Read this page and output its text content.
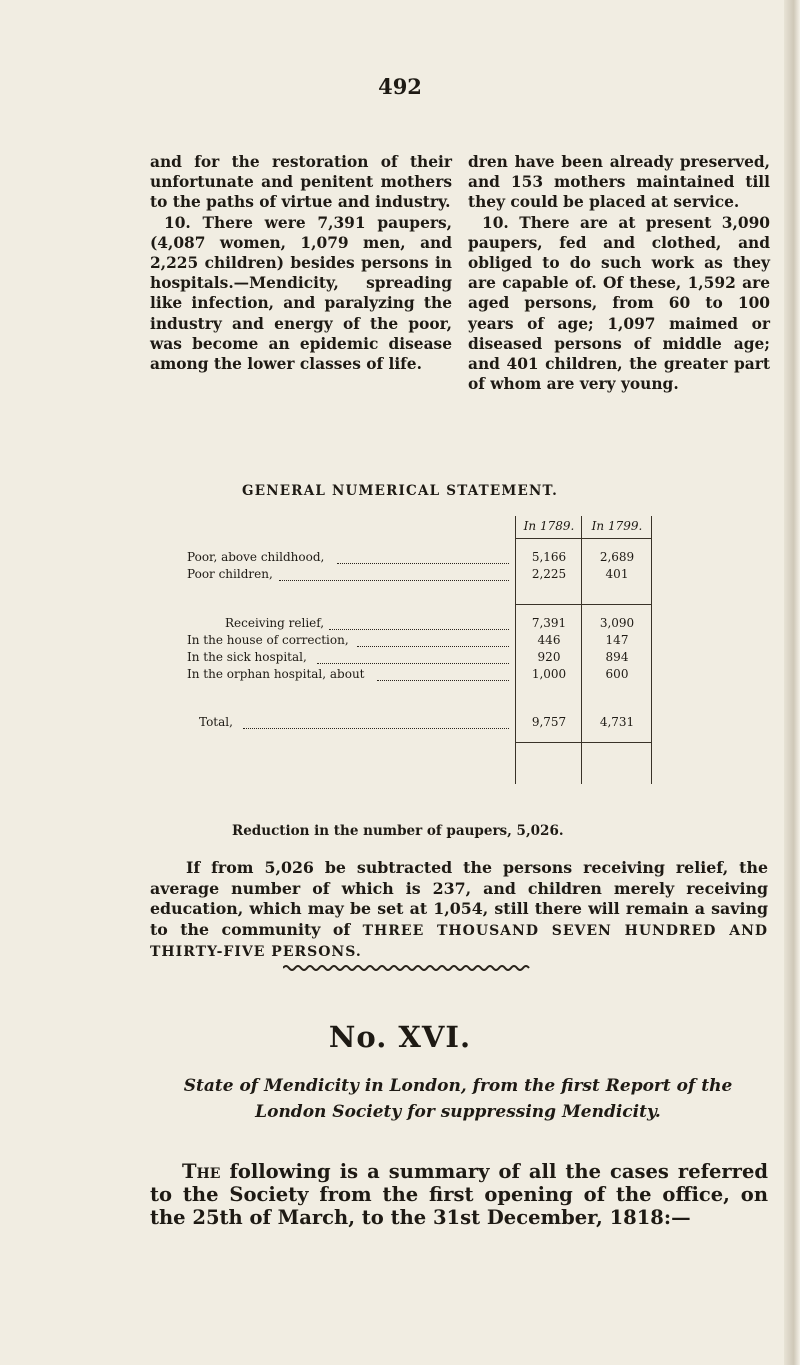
492

and for the restoration of their unfortunate and penitent mothers to the paths of virtue and industry.

10. There were 7,391 paupers, (4,087 women, 1,079 men, and 2,225 children) besides persons in hospitals.—Mendicity, spreading like infection, and paralyzing the industry and energy of the poor, was become an epidemic disease among the lower classes of life.

dren have been already preserved, and 153 mothers maintained till they could be placed at service.

10. There are at present 3,090 paupers, fed and clothed, and obliged to do such work as they are capable of. Of these, 1,592 are aged persons, from 60 to 100 years of age; 1,097 maimed or diseased persons of middle age; and 401 children, the greater part of whom are very young.

GENERAL NUMERICAL STATEMENT.
In 1789.	In 1799.
Poor, above childhood,	5,166	2,689
Poor children,	2,225	401
Receiving relief,	7,391	3,090
In the house of correction,	446	147
In the sick hospital,	920	894
In the orphan hospital, about	1,000	600
Total,	9,757	4,731
Reduction in the number of paupers, 5,026.
If from 5,026 be subtracted the persons receiving relief, the average number of which is 237, and children merely receiving education, which may be set at 1,054, still there will remain a saving to the community of THREE THOUSAND SEVEN HUNDRED AND THIRTY-FIVE PERSONS.
No. XVI.
State of Mendicity in London, from the first Report of the London Society for suppressing Mendicity.
The following is a summary of all the cases referred to the Society from the first opening of the office, on the 25th of March, to the 31st December, 1818:—
